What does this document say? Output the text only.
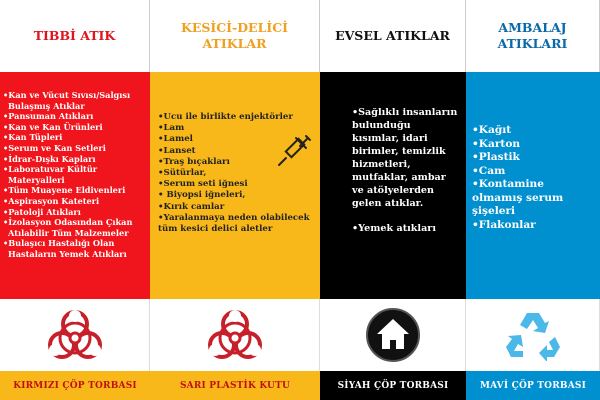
TIBBİ ATIK
•Kan ve Vücut Sıvısı/Salgısı Bulaşmış Atıklar
•Pansuman Atıkları
•Kan ve Kan Ürünleri
•Kan Tüpleri
•Serum ve Kan Setleri
•İdrar-Dışkı Kapları
•Laboratuvar Kültür Materyalleri
•Tüm Muayene Eldivenleri
•Aspirasyon Kateteri
•Patoloji Atıkları
•İzolasyon Odasından Çıkan Atılabilir Tüm Malzemeler
•Bulaşıcı Hastalığı Olan Hastaların Yemek Atıkları
KIRMIZI ÇÖP TORBASI
KESİCİ-DELİCİ ATIKLAR
•Ucu ile birlikte enjektörler
•Lam
•Lamel
•Lanset
•Traş bıçakları
•Sütürlar,
•Serum seti iğnesi
• Biyopsi iğneleri,
•Kırık camlar
•Yaralanmaya neden olabilecek tüm kesici delici aletler
SARI PLASTİK KUTU
EVSEL ATIKLAR
•Sağlıklı insanların bulunduğu kısımlar, idari birimler, temizlik hizmetleri, mutfaklar, ambar ve atölyelerden gelen atıklar.
•Yemek atıkları
SİYAH ÇÖP TORBASI
AMBALAJ ATIKLARI
•Kağıt
•Karton
•Plastik
•Cam
•Kontamine olmamış serum şişeleri
•Flakonlar
MAVİ ÇÖP TORBASI
